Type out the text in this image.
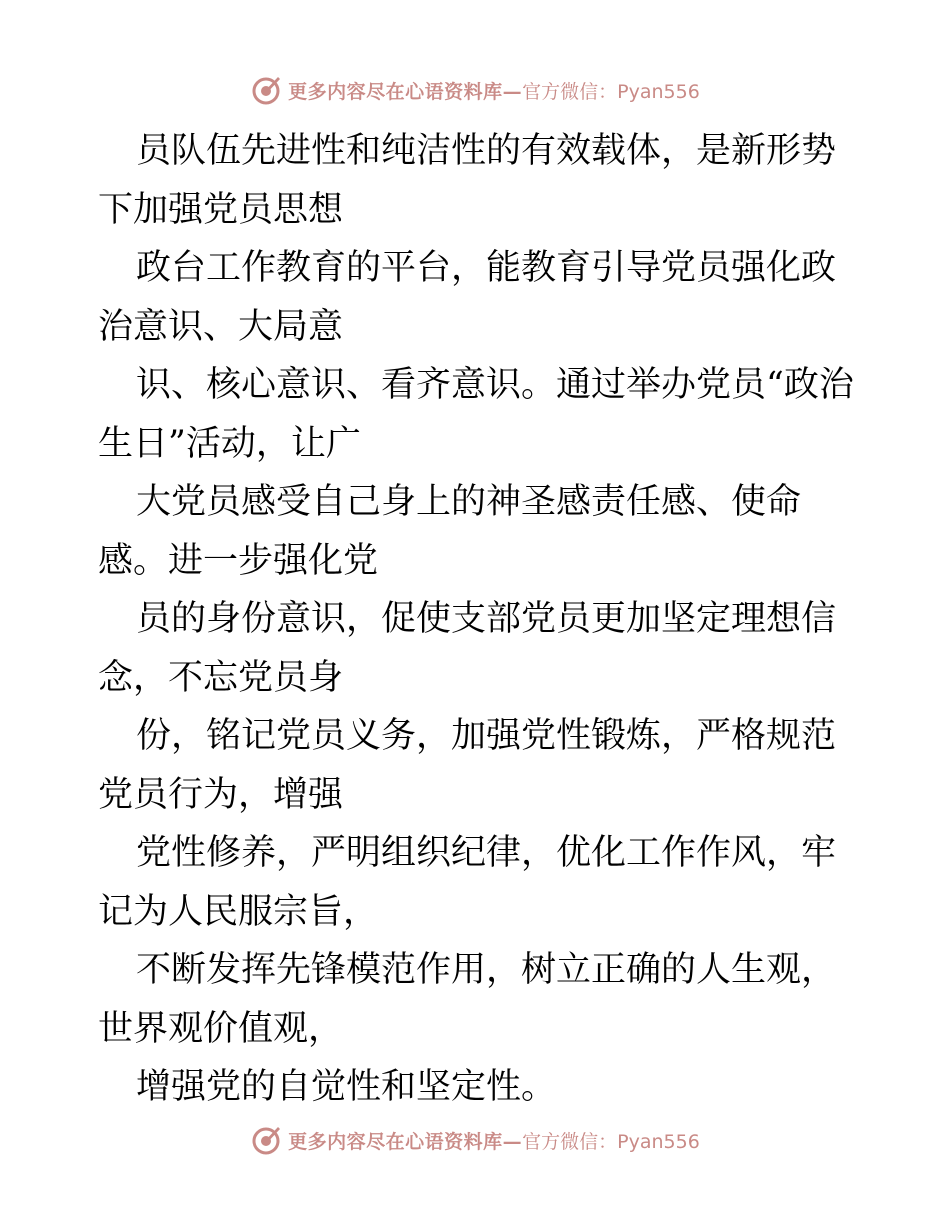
更多内容尽在心语资料库— 官方微信：Pyan556

员队伍先进性和纯洁性的有效载体，是新形势下加强党员思想

政台工作教育的平台，能教育引导党员强化政治意识、大局意

识、核心意识、看齐意识。通过举办党员“政治生日”活动，让广

大党员感受自己身上的神圣感责任感、使命感。进一步强化党

员的身份意识，促使支部党员更加坚定理想信念，不忘党员身

份，铭记党员义务，加强党性锻炼，严格规范党员行为，增强

党性修养，严明组织纪律，优化工作作风，牢记为人民服宗旨，

不断发挥先锋模范作用，树立正确的人生观，世界观价值观，

增强党的自觉性和坚定性。

更多内容尽在心语资料库— 官方微信：Pyan556
